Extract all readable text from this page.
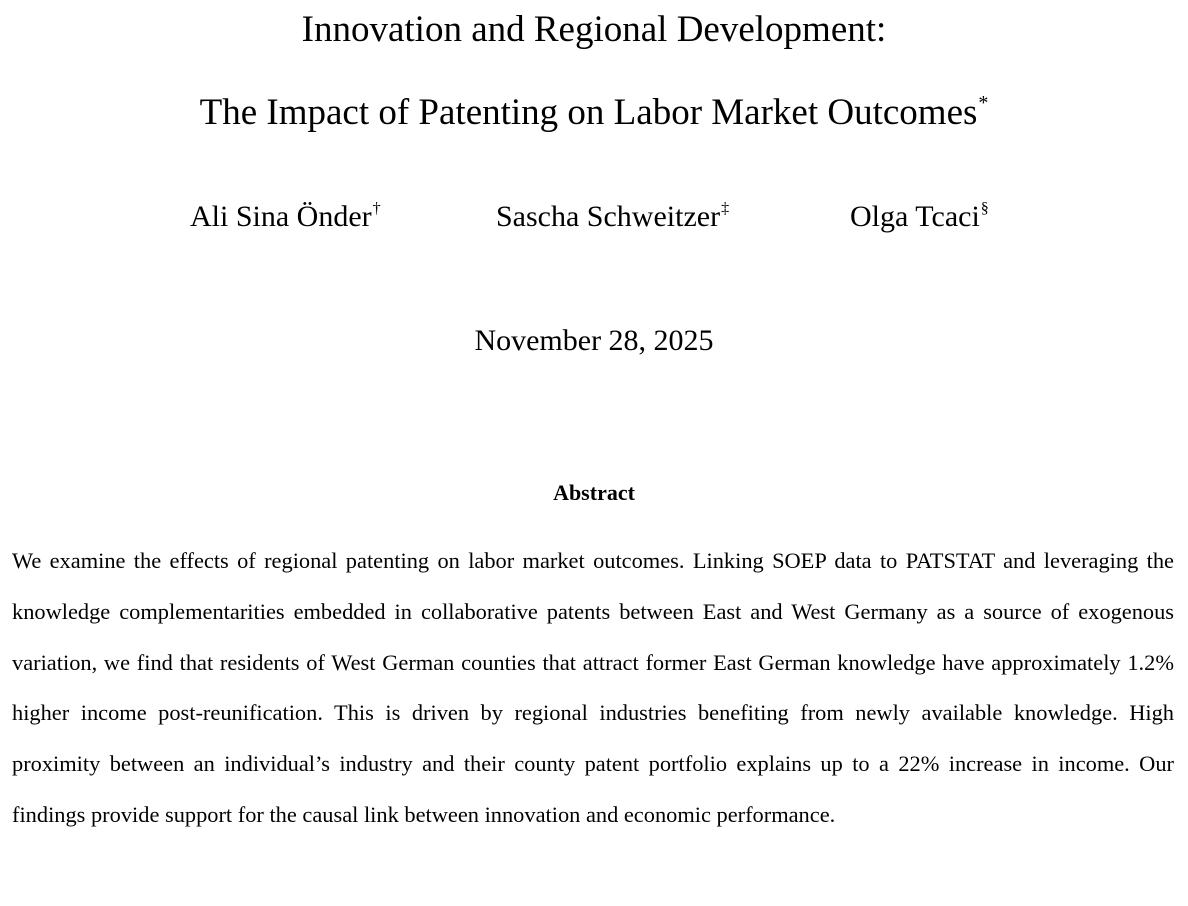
Innovation and Regional Development:
The Impact of Patenting on Labor Market Outcomes*
Ali Sina Önder†	Sascha Schweitzer‡	Olga Tcaci§
November 28, 2025
Abstract

We examine the effects of regional patenting on labor market outcomes. Linking SOEP data to PATSTAT and leveraging the knowledge complementarities embedded in collaborative patents between East and West Germany as a source of exogenous variation, we find that residents of West German counties that attract former East German knowledge have approximately 1.2% higher income post-reunification. This is driven by regional industries benefiting from newly available knowledge. High proximity between an individual’s industry and their county patent portfolio explains up to a 22% increase in income. Our findings provide support for the causal link between innovation and economic performance.
